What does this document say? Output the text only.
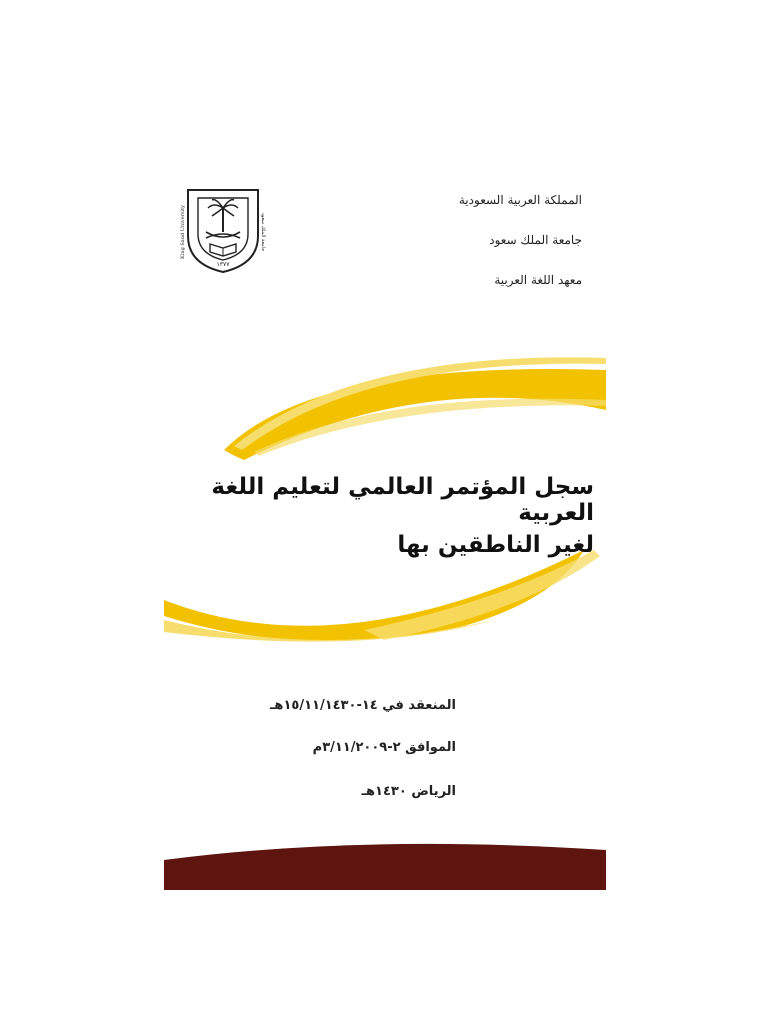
المملكة العربية السعودية
جامعة الملك سعود
معهد اللغة العربية
١٣٧٧
King Saud University	جامعة الملك سعود
سجل المؤتمر العالمي لتعليم اللغة العربية
لغير الناطقين بها
المنعقد في ١٤-١٥/١١/١٤٣٠هـ
الموافق ٢-٣/١١/٢٠٠٩م
الرياض ١٤٣٠هـ
